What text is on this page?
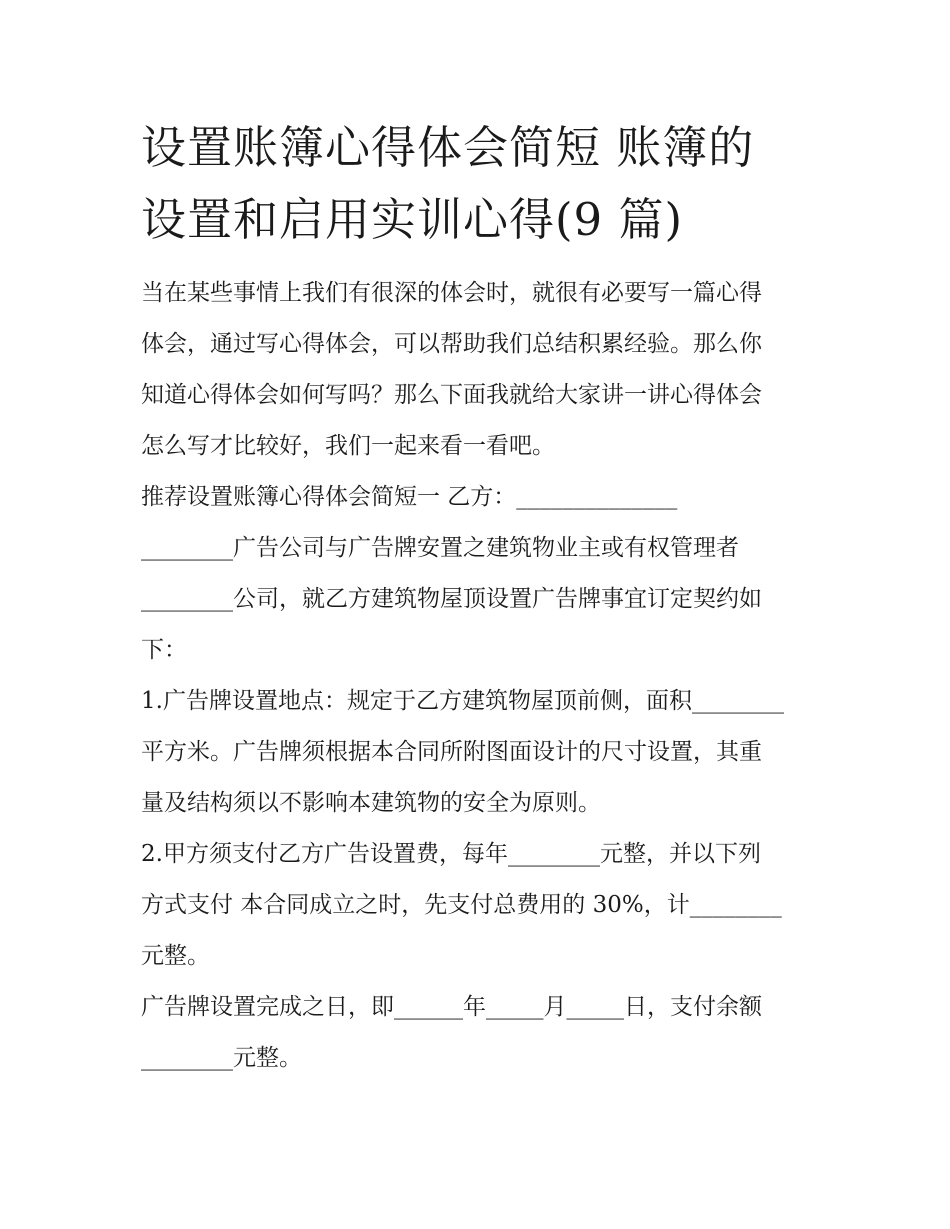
设置账簿心得体会简短 账簿的
设置和启用实训心得(9 篇)

当在某些事情上我们有很深的体会时，就很有必要写一篇心得
体会，通过写心得体会，可以帮助我们总结积累经验。那么你
知道心得体会如何写吗？那么下面我就给大家讲一讲心得体会
怎么写才比较好，我们一起来看一看吧。

推荐设置账簿心得体会简短一 乙方：______________
________广告公司与广告牌安置之建筑物业主或有权管理者
________公司，就乙方建筑物屋顶设置广告牌事宜订定契约如
下：

1.广告牌设置地点：规定于乙方建筑物屋顶前侧，面积________
平方米。广告牌须根据本合同所附图面设计的尺寸设置，其重
量及结构须以不影响本建筑物的安全为原则。

2.甲方须支付乙方广告设置费，每年________元整，并以下列
方式支付 本合同成立之时，先支付总费用的 30%，计________
元整。

广告牌设置完成之日，即______年_____月_____日，支付余额
________元整。
